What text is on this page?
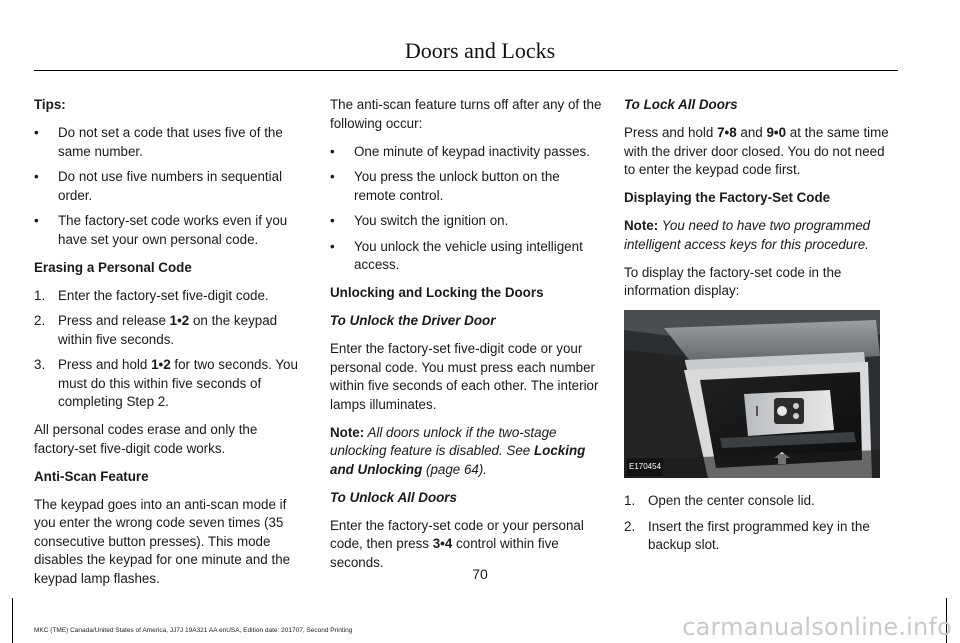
Doors and Locks
Tips:
• Do not set a code that uses five of the same number.
• Do not use five numbers in sequential order.
• The factory-set code works even if you have set your own personal code.
Erasing a Personal Code
1. Enter the factory-set five-digit code.
2. Press and release 1•2 on the keypad within five seconds.
3. Press and hold 1•2 for two seconds. You must do this within five seconds of completing Step 2.
All personal codes erase and only the factory-set five-digit code works.
Anti-Scan Feature
The keypad goes into an anti-scan mode if you enter the wrong code seven times (35 consecutive button presses). This mode disables the keypad for one minute and the keypad lamp flashes.
The anti-scan feature turns off after any of the following occur:
• One minute of keypad inactivity passes.
• You press the unlock button on the remote control.
• You switch the ignition on.
• You unlock the vehicle using intelligent access.
Unlocking and Locking the Doors
To Unlock the Driver Door
Enter the factory-set five-digit code or your personal code. You must press each number within five seconds of each other. The interior lamps illuminates.
Note: All doors unlock if the two-stage unlocking feature is disabled. See Locking and Unlocking (page 64).
To Unlock All Doors
Enter the factory-set code or your personal code, then press 3•4 control within five seconds.
To Lock All Doors
Press and hold 7•8 and 9•0 at the same time with the driver door closed. You do not need to enter the keypad code first.
Displaying the Factory-Set Code
Note: You need to have two programmed intelligent access keys for this procedure.
To display the factory-set code in the information display:
E170454
1. Open the center console lid.
2. Insert the first programmed key in the backup slot.
70
MKC (TME) Canada/United States of America, JJ7J 19A321 AA enUSA, Edition date: 201707, Second Printing	carmanualsonline.info
